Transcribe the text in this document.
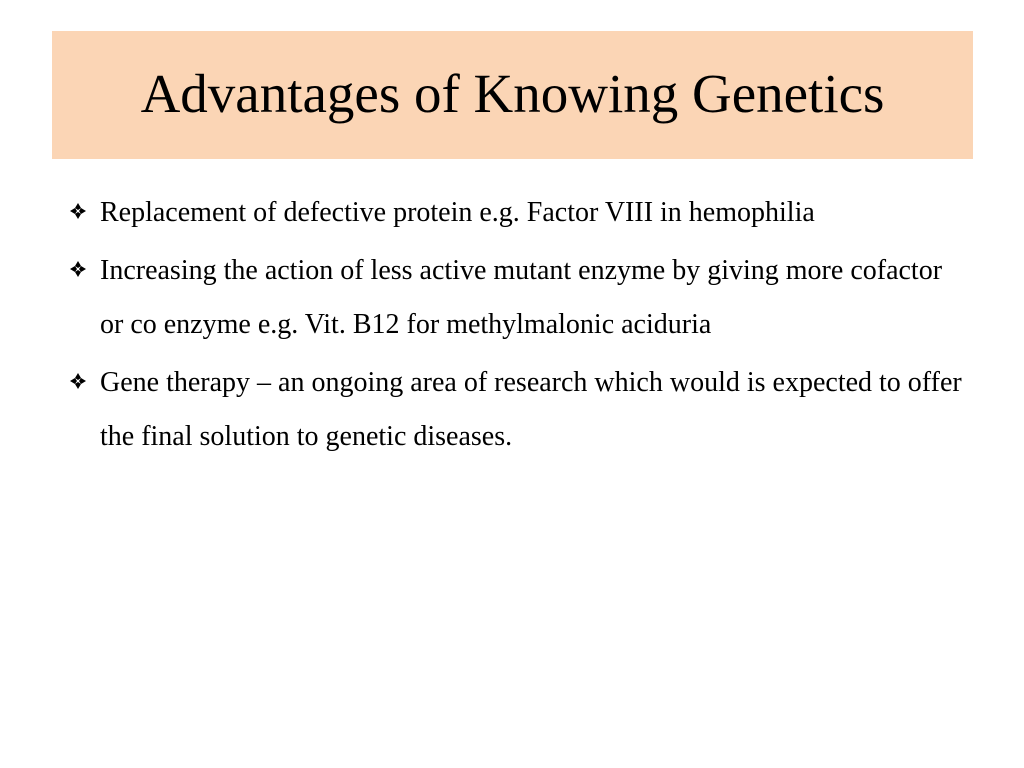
Advantages of Knowing Genetics
Replacement of defective protein e.g. Factor VIII in hemophilia
Increasing the action of less active mutant enzyme by giving more cofactor or co enzyme e.g. Vit. B12 for methylmalonic aciduria
Gene therapy – an ongoing area of research which would is expected to offer the final solution to genetic diseases.
